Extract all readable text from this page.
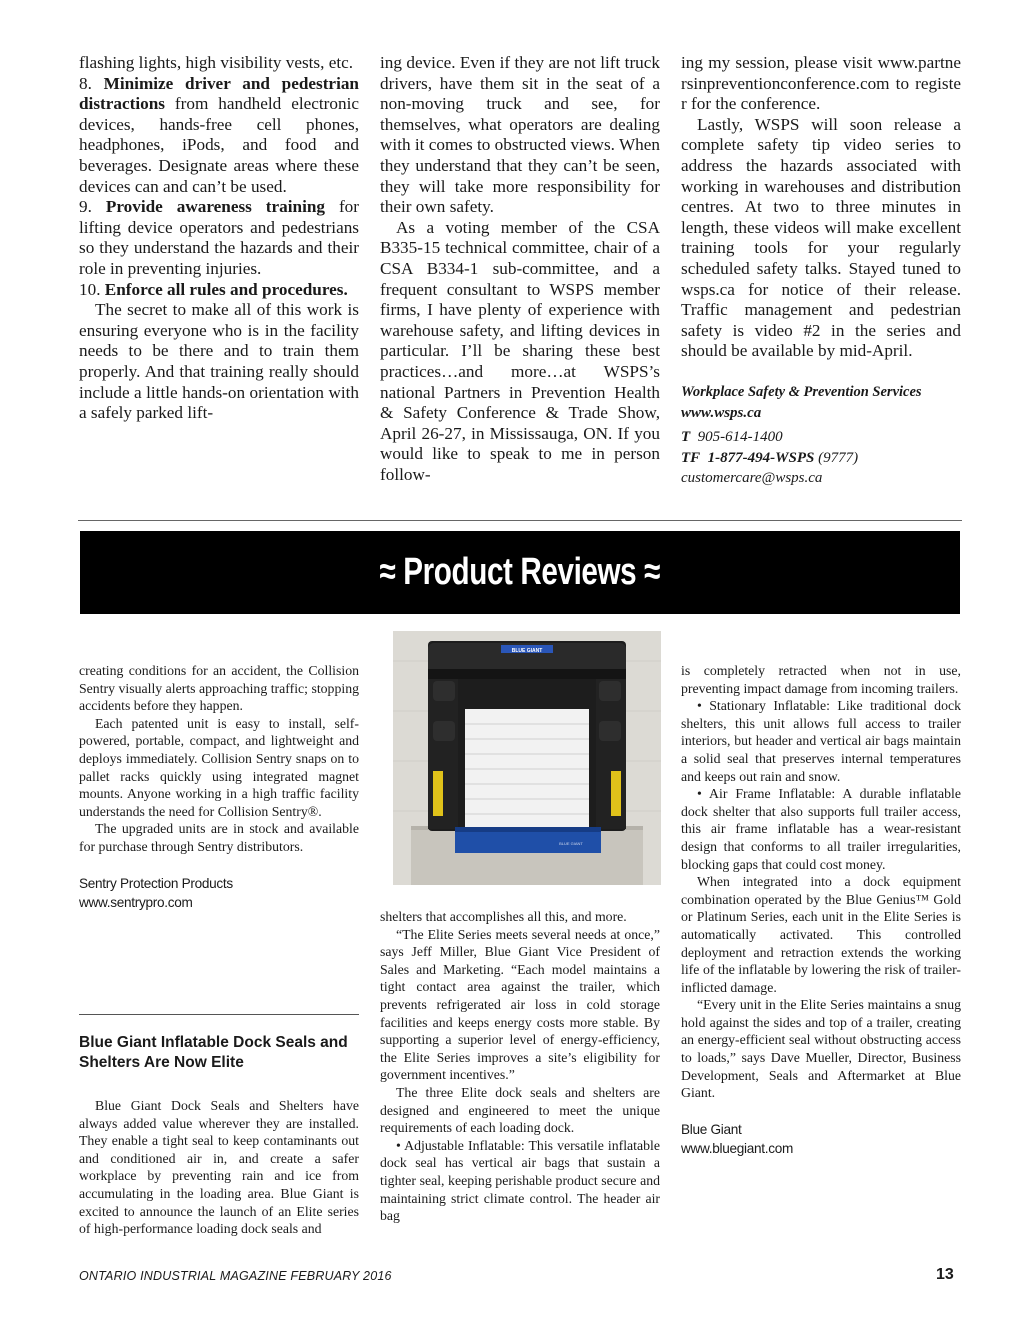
flashing lights, high visibility vests, etc.

8. Minimize driver and pedestrian distractions from handheld electronic devices, hands-free cell phones, headphones, iPods, and food and beverages. Designate areas where these devices can and can’t be used.

9. Provide awareness training for lifting device operators and pedestrians so they understand the hazards and their role in preventing injuries.

10. Enforce all rules and procedures.

The secret to make all of this work is ensuring everyone who is in the facility needs to be there and to train them properly. And that training really should include a little hands-on orientation with a safely parked lift-

ing device. Even if they are not lift truck drivers, have them sit in the seat of a non-moving truck and see, for themselves, what operators are dealing with it comes to obstructed views. When they understand that they can’t be seen, they will take more responsibility for their own safety.

As a voting member of the CSA B335-15 technical committee, chair of a CSA B334-1 sub-committee, and a frequent consultant to WSPS member firms, I have plenty of experience with warehouse safety, and lifting devices in particular. I’ll be sharing these best practices…and more…at WSPS’s national Partners in Prevention Health & Safety Conference & Trade Show, April 26-27, in Mississauga, ON. If you would like to speak to me in person follow-

ing my session, please visit www.partnersinpreventionconference.com to register for the conference.

Lastly, WSPS will soon release a complete safety tip video series to address the hazards associated with working in warehouses and distribution centres. At two to three minutes in length, these videos will make excellent training tools for your regularly scheduled safety talks. Stayed tuned to wsps.ca for notice of their release. Traffic management and pedestrian safety is video #2 in the series and should be available by mid-April.

Workplace Safety & Prevention Services
www.wsps.ca
T 905-614-1400
TF 1-877-494-WSPS (9777)
customercare@wsps.ca
≈ Product Reviews ≈

creating conditions for an accident, the Collision Sentry visually alerts approaching traffic; stopping accidents before they happen.

Each patented unit is easy to install, self-powered, portable, compact, and lightweight and deploys immediately. Collision Sentry snaps on to pallet racks quickly using integrated magnet mounts. Anyone working in a high traffic facility understands the need for Collision Sentry®.

The upgraded units are in stock and available for purchase through Sentry distributors.

Sentry Protection Products
www.sentrypro.com
Blue Giant Inflatable Dock Seals and Shelters Are Now Elite

Blue Giant Dock Seals and Shelters have always added value wherever they are installed. They enable a tight seal to keep contaminants out and conditioned air in, and create a safer workplace by preventing rain and ice from accumulating in the loading area. Blue Giant is excited to announce the launch of an Elite series of high-performance loading dock seals and

BLUE GIANT
BLUE GIANT

shelters that accomplishes all this, and more.

“The Elite Series meets several needs at once,” says Jeff Miller, Blue Giant Vice President of Sales and Marketing. “Each model maintains a tight contact area against the trailer, which prevents refrigerated air loss in cold storage facilities and keeps energy costs more stable. By supporting a superior level of energy-efficiency, the Elite Series improves a site’s eligibility for government incentives.”

The three Elite dock seals and shelters are designed and engineered to meet the unique requirements of each loading dock.

• Adjustable Inflatable: This versatile inflatable dock seal has vertical air bags that sustain a tighter seal, keeping perishable product secure and maintaining strict climate control. The header air bag

is completely retracted when not in use, preventing impact damage from incoming trailers.

• Stationary Inflatable: Like traditional dock shelters, this unit allows full access to trailer interiors, but header and vertical air bags maintain a solid seal that preserves internal temperatures and keeps out rain and snow.

• Air Frame Inflatable: A durable inflatable dock shelter that also supports full trailer access, this air frame inflatable has a wear-resistant design that conforms to all trailer irregularities, blocking gaps that could cost money.

When integrated into a dock equipment combination operated by the Blue Genius™ Gold or Platinum Series, each unit in the Elite Series is automatically activated. This controlled deployment and retraction extends the working life of the inflatable by lowering the risk of trailer-inflicted damage.

“Every unit in the Elite Series maintains a snug hold against the sides and top of a trailer, creating an energy-efficient seal without obstructing access to loads,” says Dave Mueller, Director, Business Development, Seals and Aftermarket at Blue Giant.

Blue Giant
www.bluegiant.com
ONTARIO INDUSTRIAL MAGAZINE FEBRUARY 2016	13
